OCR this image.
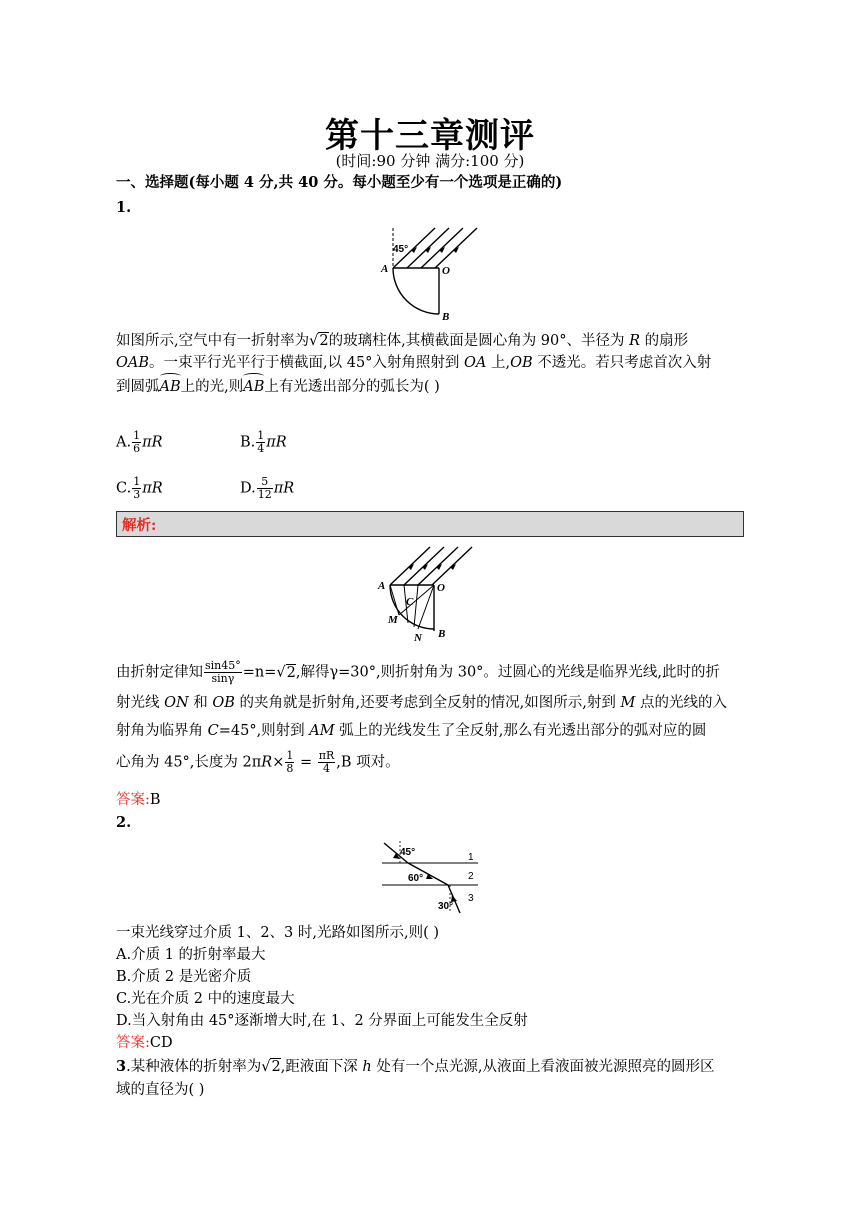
第十三章测评
(时间:90 分钟 满分:100 分)
一、选择题(每小题 4 分,共 40 分。每小题至少有一个选项是正确的)
1.
45°
A	O
B
如图所示,空气中有一折射率为√2的玻璃柱体,其横截面是圆心角为 90°、半径为 R 的扇形
OAB。一束平行光平行于横截面,以 45°入射角照射到 OA 上,OB 不透光。若只考虑首次入射
到圆弧AB上的光,则AB上有光透出部分的弧长为( )
A. $\frac{1}{6}$ πR	B. $\frac{1}{4}$ πR
C. $\frac{1}{3}$ πR	D. $\frac{5}{12}$ πR
解析:
A	O
C
M
N B
由折射定律知 $\frac{\sin 45^\circ}{\sin\gamma} =n=√2$,解得γ=30°,则折射角为 30°。过圆心的光线是临界光线,此时的折
射光线 ON 和 OB 的夹角就是折射角,还要考虑到全反射的情况,如图所示,射到 M 点的光线的入
射角为临界角 C=45°,则射到 AM 弧上的光线发生了全反射,那么有光透出部分的弧对应的圆
心角为 45°,长度为 $2\pi R\times \frac{1}{8} = \frac{\pi R}{4} ,B$ 项对。
答案:B
2.
45°
60°
30°
1
2
3
一束光线穿过介质 1、2、3 时,光路如图所示,则( )
A.介质 1 的折射率最大
B.介质 2 是光密介质
C.光在介质 2 中的速度最大
D.当入射角由 45°逐渐增大时,在 1、2 分界面上可能发生全反射
答案:CD
3.某种液体的折射率为√2,距液面下深 h 处有一个点光源,从液面上看液面被光源照亮的圆形区
域的直径为( )
